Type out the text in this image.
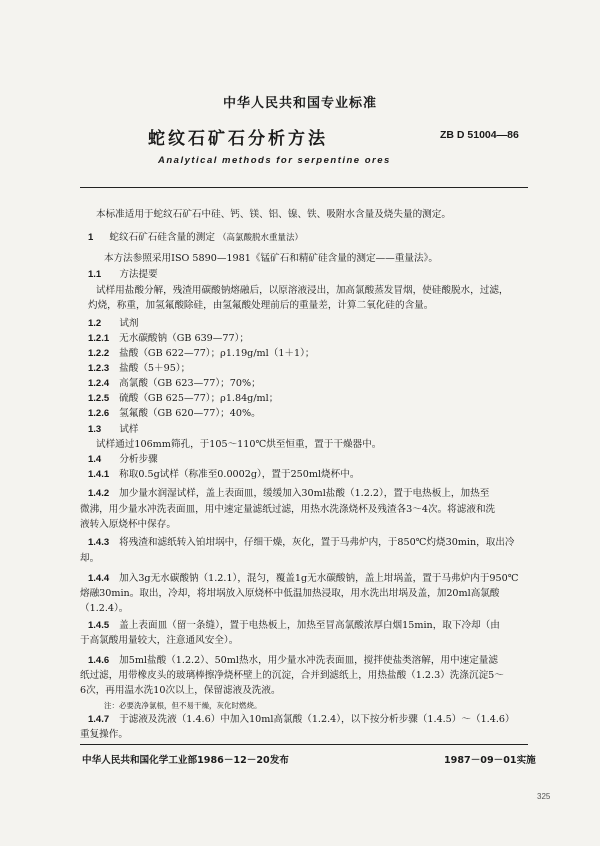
中华人民共和国专业标准
蛇纹石矿石分析方法	ZB D 51004—86
Analytical methods for serpentine ores
本标准适用于蛇纹石矿石中硅、钙、镁、铝、镍、铁、吸附水含量及烧失量的测定。
1 蛇纹石矿石硅含量的测定 （高氯酸脱水重量法）
本方法参照采用ISO 5890—1981《锰矿石和精矿硅含量的测定——重量法》。
1.1 方法提要
试样用盐酸分解，残渣用碳酸钠熔融后，以原溶液浸出，加高氯酸蒸发冒烟，使硅酸脱水，过滤，
灼烧，称重，加氢氟酸除硅，由氢氟酸处理前后的重量差，计算二氧化硅的含量。
1.2 试剂
1.2.1 无水碳酸钠（GB 639—77）；
1.2.2 盐酸（GB 622—77）；ρ1.19g/ml（1＋1）；
1.2.3 盐酸（5＋95）；
1.2.4 高氯酸（GB 623—77）；70%；
1.2.5 硫酸（GB 625—77）；ρ1.84g/ml；
1.2.6 氢氟酸（GB 620—77）；40%。
1.3 试样
试样通过106mm筛孔，于105～110℃烘至恒重，置于干燥器中。
1.4 分析步骤
1.4.1 称取0.5g试样（称准至0.0002g），置于250ml烧杯中。
1.4.2 加少量水润湿试样，盖上表面皿，缓缓加入30ml盐酸（1.2.2），置于电热板上，加热至
微沸，用少量水冲洗表面皿，用中速定量滤纸过滤，用热水洗涤烧杯及残渣各3～4次。将滤液和洗
液转入原烧杯中保存。
1.4.3 将残渣和滤纸转入铂坩埚中，仔细干燥，灰化，置于马弗炉内，于850℃灼烧30min，取出冷
却。
1.4.4 加入3g无水碳酸钠（1.2.1），混匀，覆盖1g无水碳酸钠，盖上坩埚盖，置于马弗炉内于950℃
熔融30min。取出，冷却，将坩埚放入原烧杯中低温加热浸取，用水洗出坩埚及盖，加20ml高氯酸
（1.2.4）。
1.4.5 盖上表面皿（留一条缝），置于电热板上，加热至冒高氯酸浓厚白烟15min，取下冷却（由
于高氯酸用量较大，注意通风安全）。
1.4.6 加5ml盐酸（1.2.2）、50ml热水，用少量水冲洗表面皿，搅拌使盐类溶解，用中速定量滤
纸过滤，用带橡皮头的玻璃棒擦净烧杯壁上的沉淀，合并到滤纸上，用热盐酸（1.2.3）洗涤沉淀5～
6次，再用温水洗10次以上，保留滤液及洗液。
注：必要洗净氯根，但不易干燥，灰化时燃烧。
1.4.7 于滤液及洗液（1.4.6）中加入10ml高氯酸（1.2.4），以下按分析步骤（1.4.5）～（1.4.6）
重复操作。
中华人民共和国化学工业部1986－12－20发布	1987－09－01实施
325
